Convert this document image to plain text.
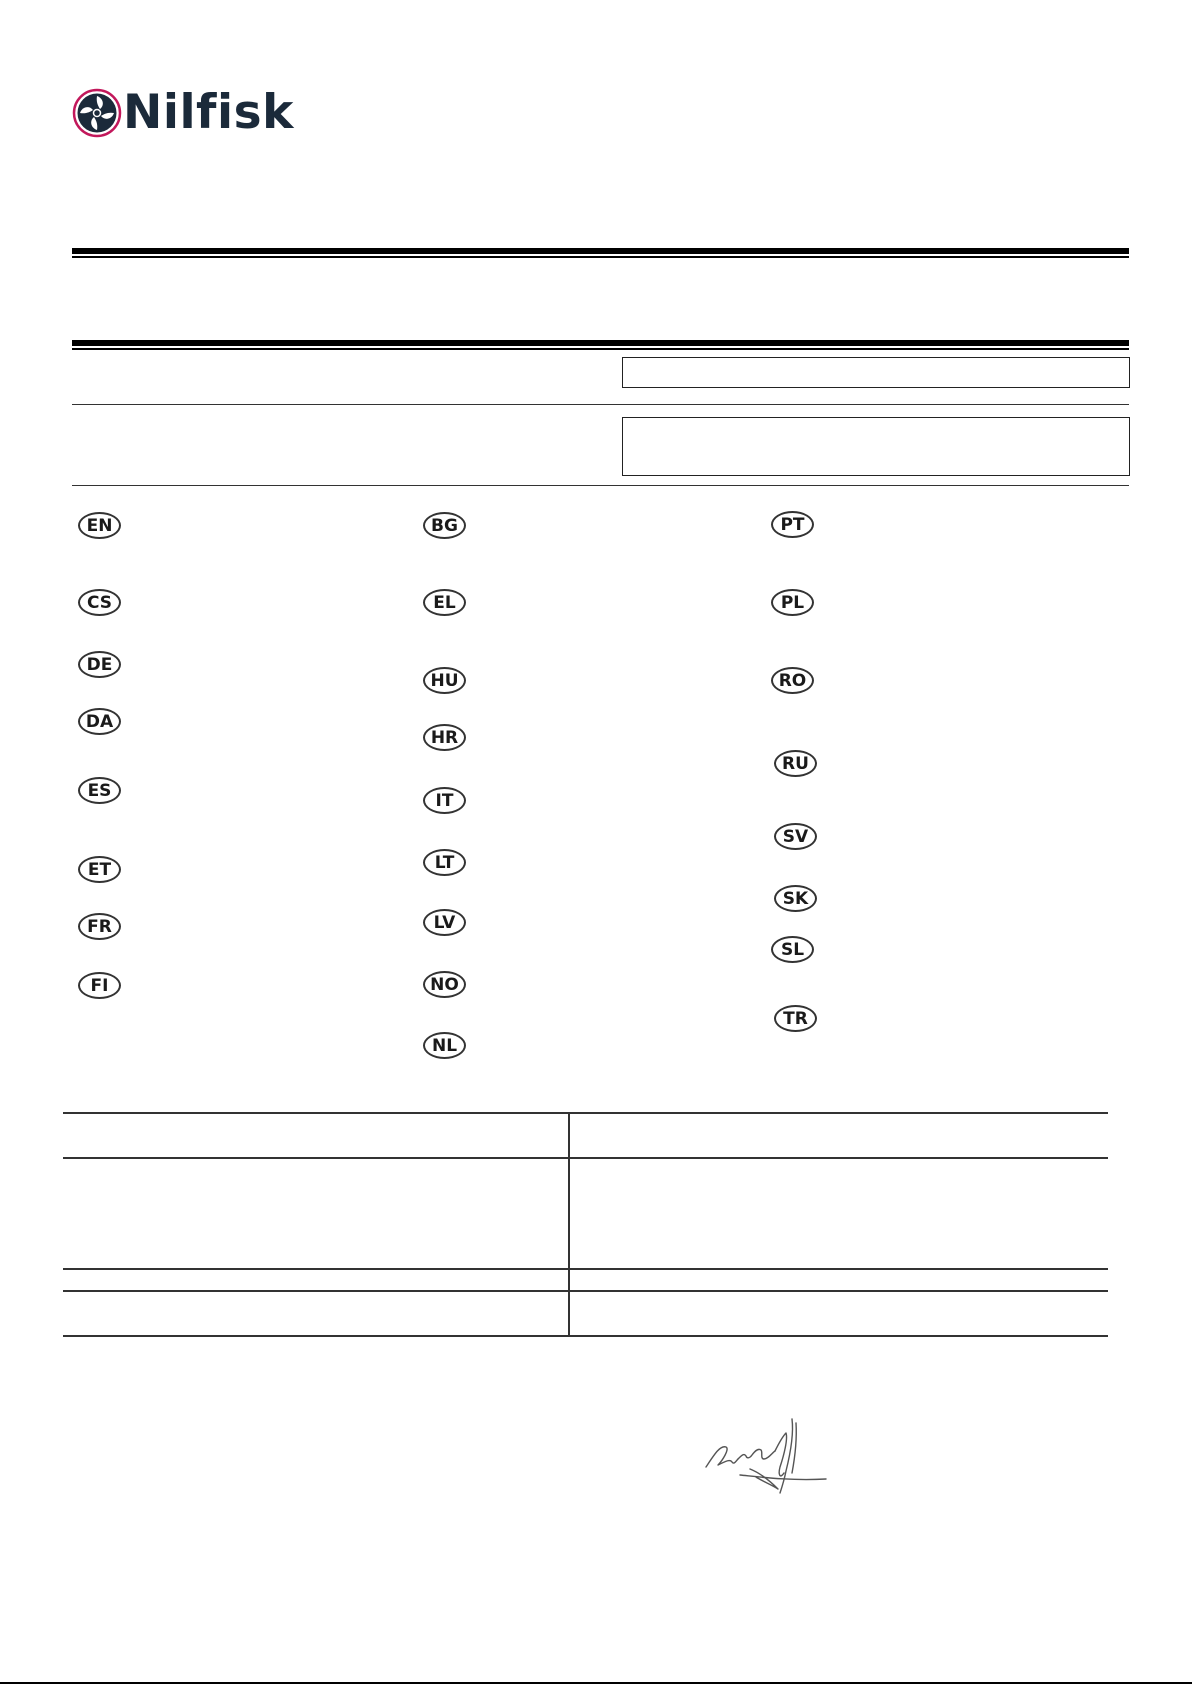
Nilfisk
EN
CS
DE
DA
ES
ET
FR
FI
BG
EL
HU
HR
IT
LT
LV
NO
NL
PT
PL
RO
RU
SV
SK
SL
TR
